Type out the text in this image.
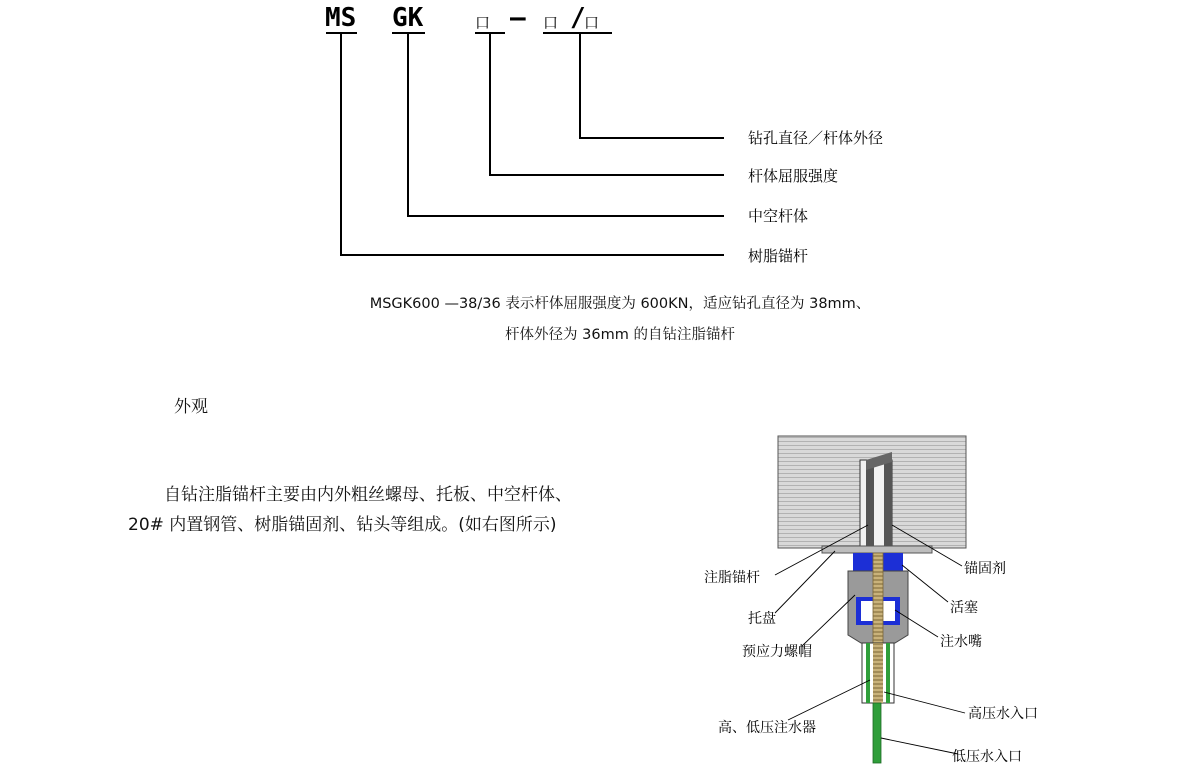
MS GK	口 — 口 /
口
钻孔直径／杆体外径
杆体屈服强度
中空杆体
树脂锚杆
MSGK600 —38/36 表示杆体屈服强度为 600KN，适应钻孔直径为 38mm、
杆体外径为 36mm 的自钻注脂锚杆
外观
自钻注脂锚杆主要由内外粗丝螺母、托板、中空杆体、
20# 内置钢管、树脂锚固剂、钻头等组成。(如右图所示)
注脂锚杆
锚固剂
托盘
活塞
预应力螺帽
注水嘴
高、低压注水器
高压水入口
低压水入口
